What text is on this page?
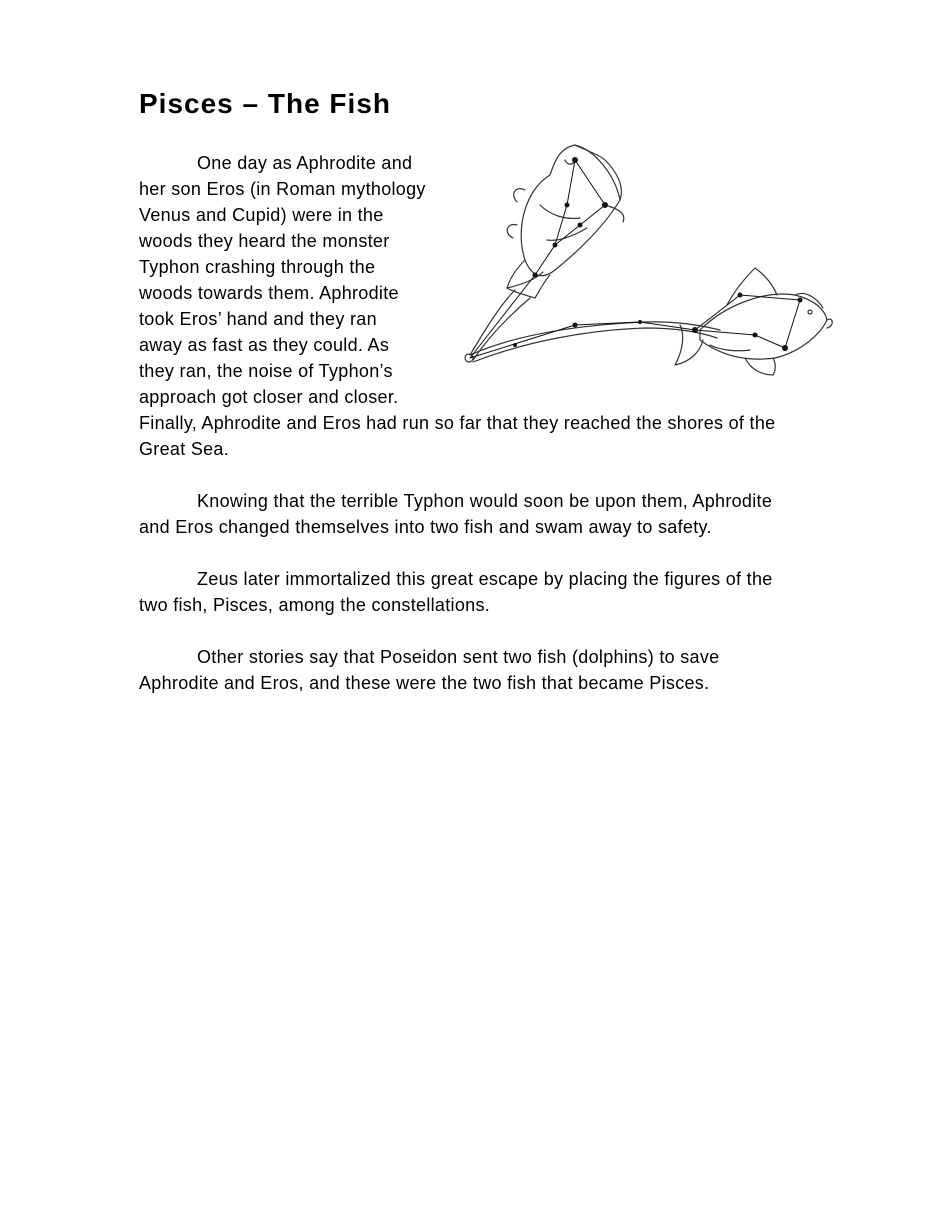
Pisces – The Fish
One day as Aphrodite and
her son Eros (in Roman mythology
Venus and Cupid) were in the
woods they heard the monster
Typhon crashing through the
woods towards them. Aphrodite
took Eros’ hand and they ran
away as fast as they could. As
they ran, the noise of Typhon’s
approach got closer and closer.
Finally, Aphrodite and Eros had run so far that they reached the shores of the
Great Sea.
Knowing that the terrible Typhon would soon be upon them, Aphrodite
and Eros changed themselves into two fish and swam away to safety.
Zeus later immortalized this great escape by placing the figures of the
two fish, Pisces, among the constellations.
Other stories say that Poseidon sent two fish (dolphins) to save
Aphrodite and Eros, and these were the two fish that became Pisces.
